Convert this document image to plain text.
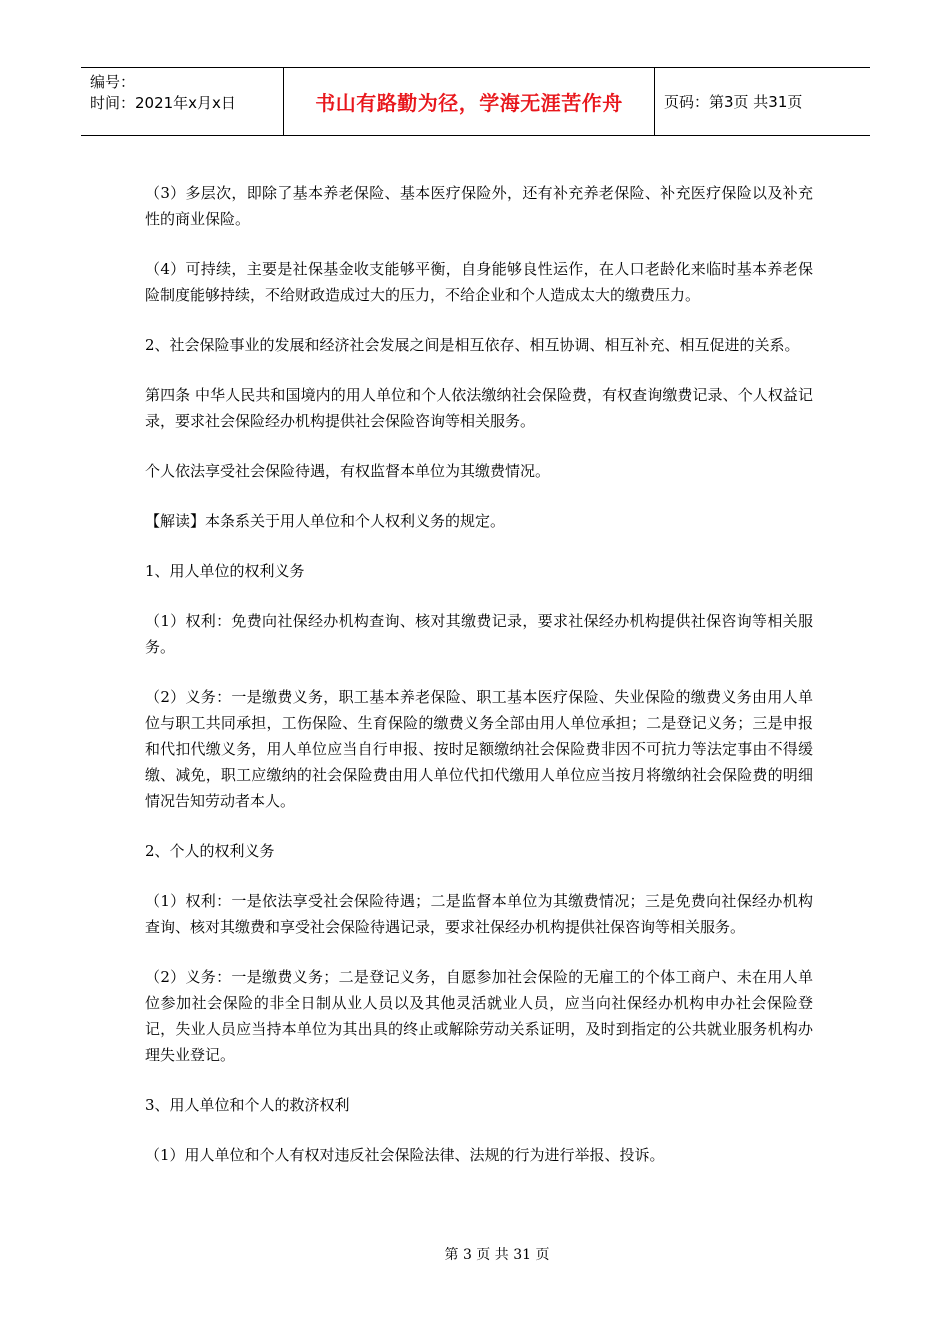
编号：
时间：2021年x月x日	书山有路勤为径，学海无涯苦作舟	页码：第3页 共31页

（3）多层次，即除了基本养老保险、基本医疗保险外，还有补充养老保险、补充医疗保险以及补充性的商业保险。

（4）可持续，主要是社保基金收支能够平衡，自身能够良性运作，在人口老龄化来临时基本养老保险制度能够持续，不给财政造成过大的压力，不给企业和个人造成太大的缴费压力。

2、社会保险事业的发展和经济社会发展之间是相互依存、相互协调、相互补充、相互促进的关系。

第四条 中华人民共和国境内的用人单位和个人依法缴纳社会保险费，有权查询缴费记录、个人权益记录，要求社会保险经办机构提供社会保险咨询等相关服务。

个人依法享受社会保险待遇，有权监督本单位为其缴费情况。

【解读】本条系关于用人单位和个人权利义务的规定。

1、用人单位的权利义务

（1）权利：免费向社保经办机构查询、核对其缴费记录，要求社保经办机构提供社保咨询等相关服务。

（2）义务：一是缴费义务，职工基本养老保险、职工基本医疗保险、失业保险的缴费义务由用人单位与职工共同承担，工伤保险、生育保险的缴费义务全部由用人单位承担；二是登记义务；三是申报和代扣代缴义务，用人单位应当自行申报、按时足额缴纳社会保险费非因不可抗力等法定事由不得缓缴、减免，职工应缴纳的社会保险费由用人单位代扣代缴用人单位应当按月将缴纳社会保险费的明细情况告知劳动者本人。

2、个人的权利义务

（1）权利：一是依法享受社会保险待遇；二是监督本单位为其缴费情况；三是免费向社保经办机构查询、核对其缴费和享受社会保险待遇记录，要求社保经办机构提供社保咨询等相关服务。

（2）义务：一是缴费义务；二是登记义务，自愿参加社会保险的无雇工的个体工商户、未在用人单位参加社会保险的非全日制从业人员以及其他灵活就业人员，应当向社保经办机构申办社会保险登记，失业人员应当持本单位为其出具的终止或解除劳动关系证明，及时到指定的公共就业服务机构办理失业登记。

3、用人单位和个人的救济权利

（1）用人单位和个人有权对违反社会保险法律、法规的行为进行举报、投诉。

第 3 页 共 31 页
